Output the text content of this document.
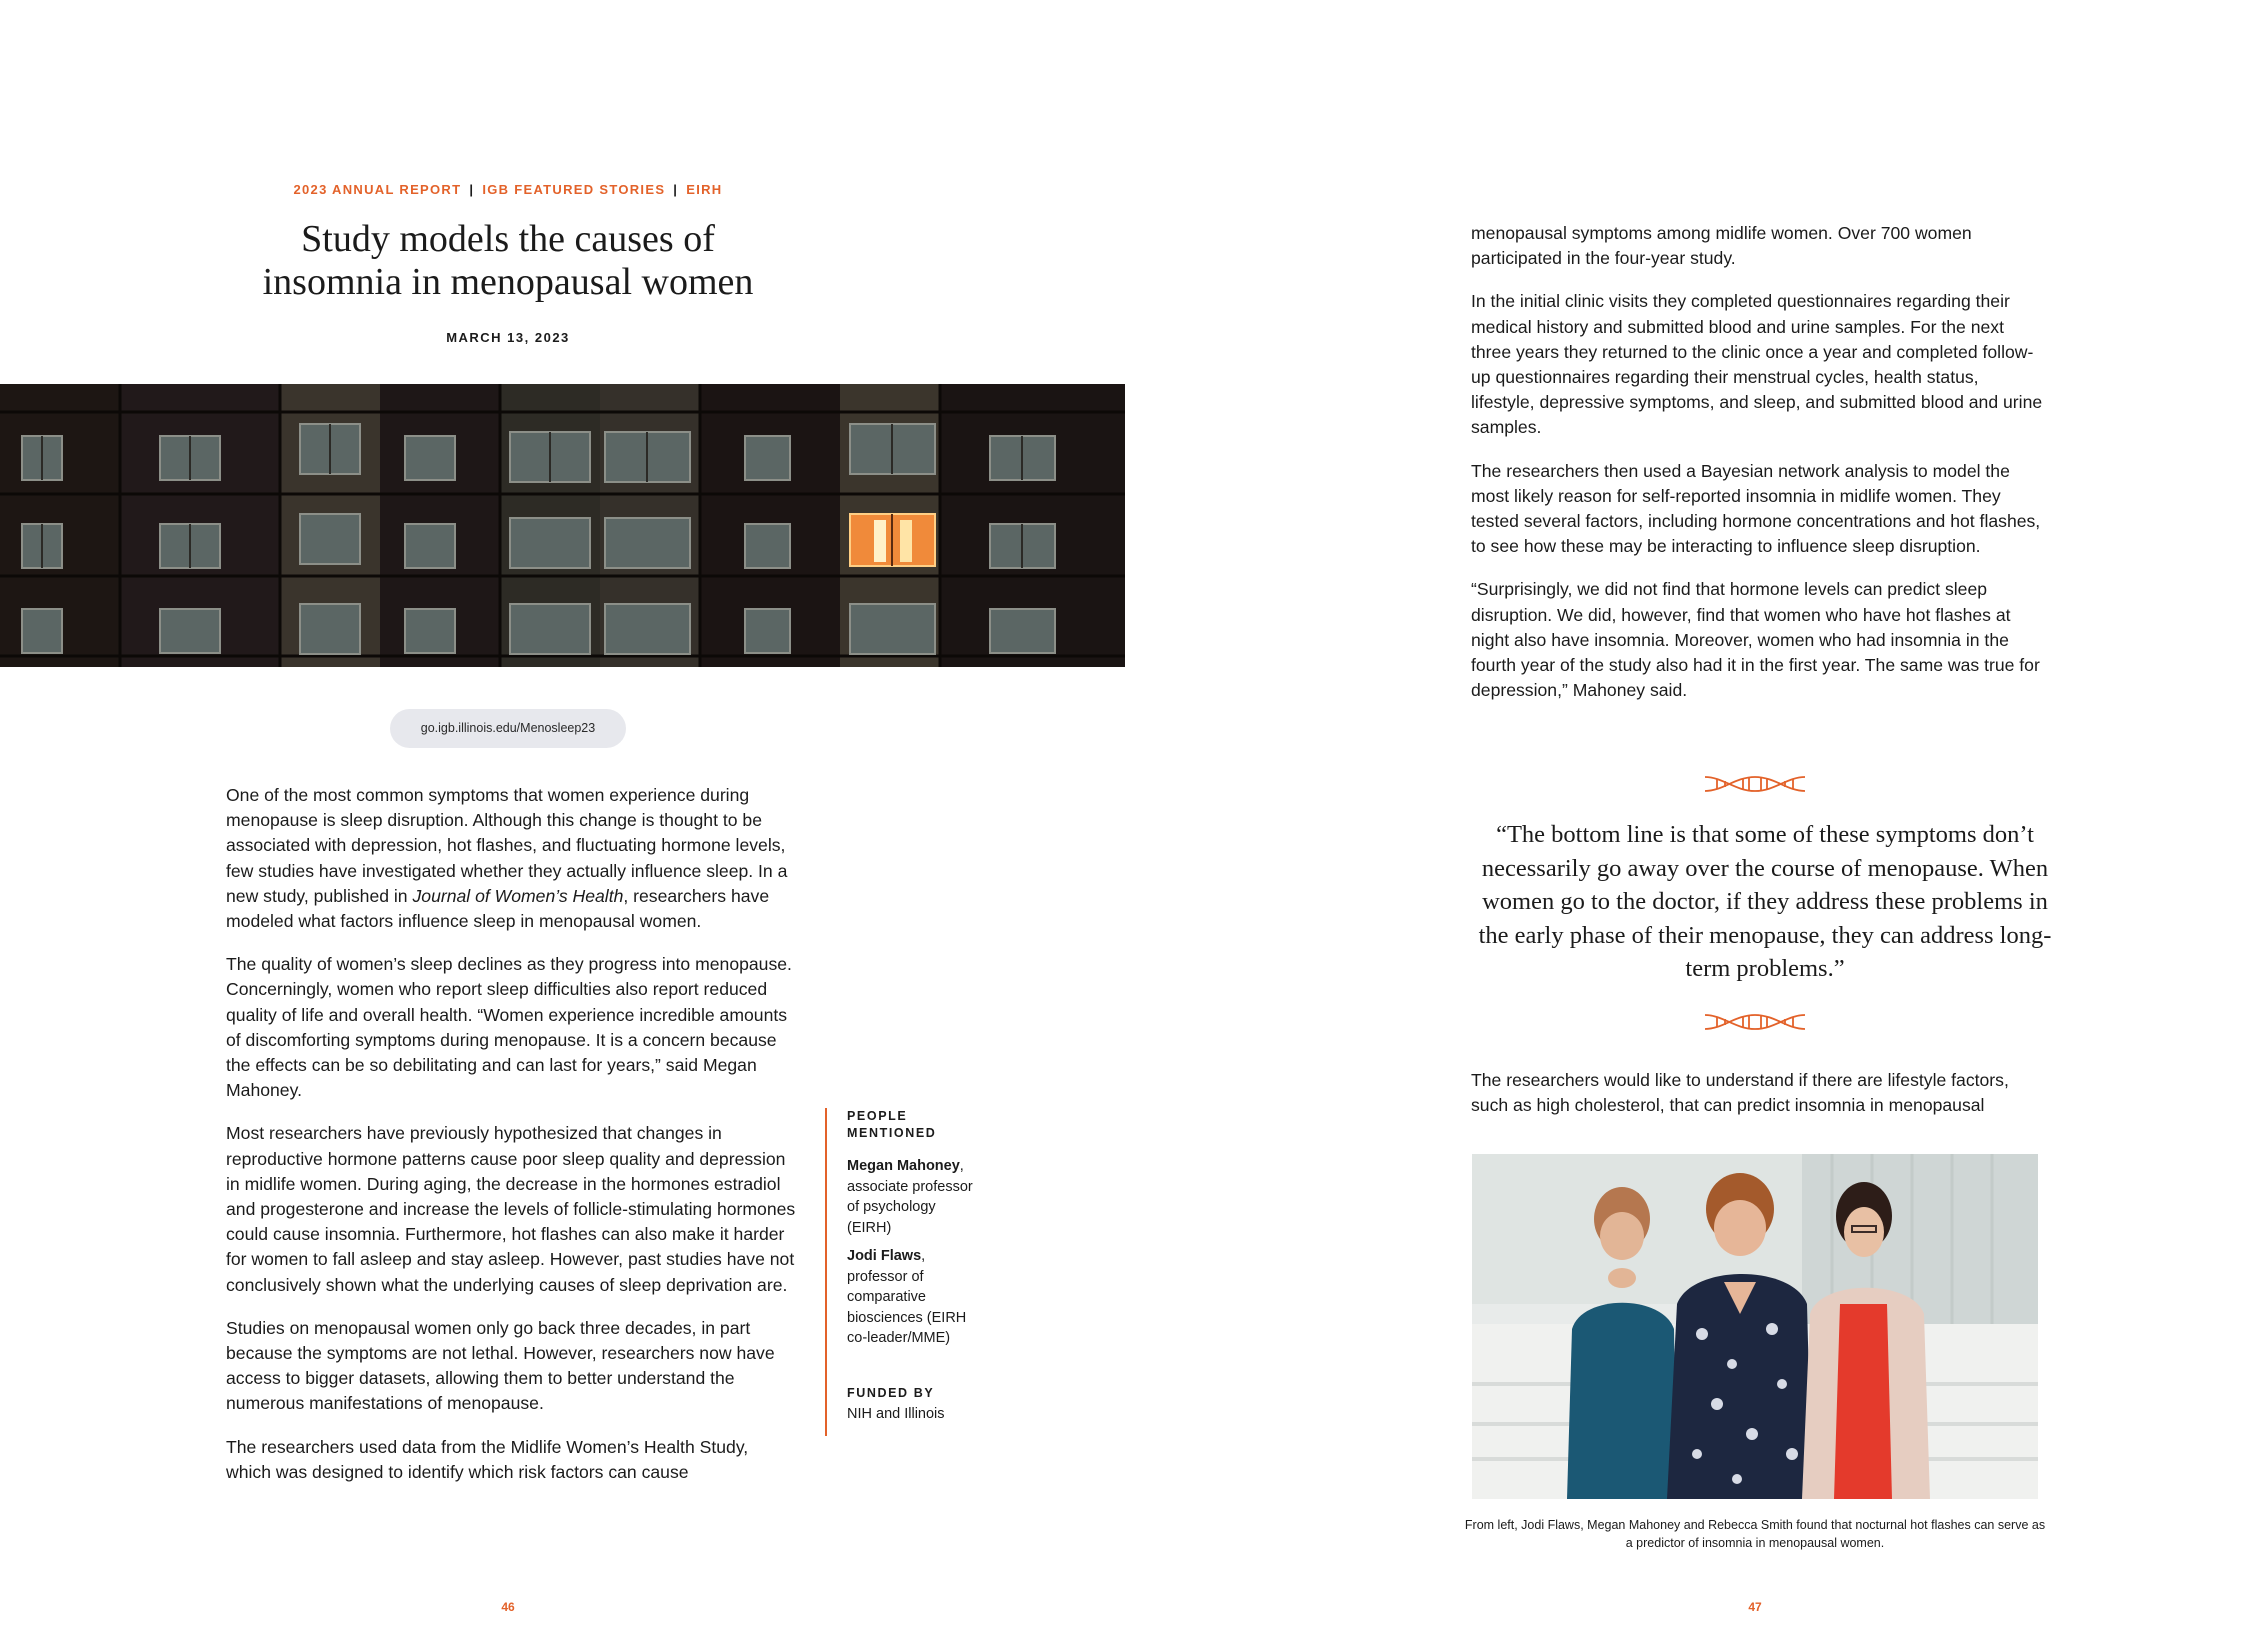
2023 ANNUAL REPORT | IGB FEATURED STORIES | EIRH
Study models the causes of
insomnia in menopausal women
MARCH 13, 2023
go.igb.illinois.edu/Menosleep23

One of the most common symptoms that women experience during menopause is sleep disruption. Although this change is thought to be associated with depression, hot flashes, and fluctuating hormone levels, few studies have investigated whether they actually influence sleep. In a new study, published in Journal of Women’s Health, researchers have modeled what factors influence sleep in menopausal women.

The quality of women’s sleep declines as they progress into menopause. Concerningly, women who report sleep difficulties also report reduced quality of life and overall health. “Women experience incredible amounts of discomforting symptoms during menopause. It is a concern because the effects can be so debilitating and can last for years,” said Megan Mahoney.

Most researchers have previously hypothesized that changes in reproductive hormone patterns cause poor sleep quality and depression in midlife women. During aging, the decrease in the hormones estradiol and progesterone and increase the levels of follicle-stimulating hormones could cause insomnia. Furthermore, hot flashes can also make it harder for women to fall asleep and stay asleep. However, past studies have not conclusively shown what the underlying causes of sleep deprivation are.

Studies on menopausal women only go back three decades, in part because the symptoms are not lethal. However, researchers now have access to bigger datasets, allowing them to better understand the numerous manifestations of menopause.

The researchers used data from the Midlife Women’s Health Study, which was designed to identify which risk factors can cause

PEOPLE
MENTIONED
Megan Mahoney, associate professor of psychology (EIRH)
Jodi Flaws, professor of comparative biosciences (EIRH co-leader/MME)
FUNDED BY
NIH and Illinois
46

menopausal symptoms among midlife women. Over 700 women participated in the four-year study.

In the initial clinic visits they completed questionnaires regarding their medical history and submitted blood and urine samples. For the next three years they returned to the clinic once a year and completed follow-up questionnaires regarding their menstrual cycles, health status, lifestyle, depressive symptoms, and sleep, and submitted blood and urine samples.

The researchers then used a Bayesian network analysis to model the most likely reason for self-reported insomnia in midlife women. They tested several factors, including hormone concentrations and hot flashes, to see how these may be interacting to influence sleep disruption.

“Surprisingly, we did not find that hormone levels can predict sleep disruption. We did, however, find that women who have hot flashes at night also have insomnia. Moreover, women who had insomnia in the fourth year of the study also had it in the first year. The same was true for depression,” Mahoney said.

“The bottom line is that some of these symptoms don’t necessarily go away over the course of menopause. When women go to the doctor, if they address these problems in the early phase of their menopause, they can address long-term problems.”

The researchers would like to understand if there are lifestyle factors, such as high cholesterol, that can predict insomnia in menopausal

From left, Jodi Flaws, Megan Mahoney and Rebecca Smith found that nocturnal hot flashes can serve as a predictor of insomnia in menopausal women.
47
